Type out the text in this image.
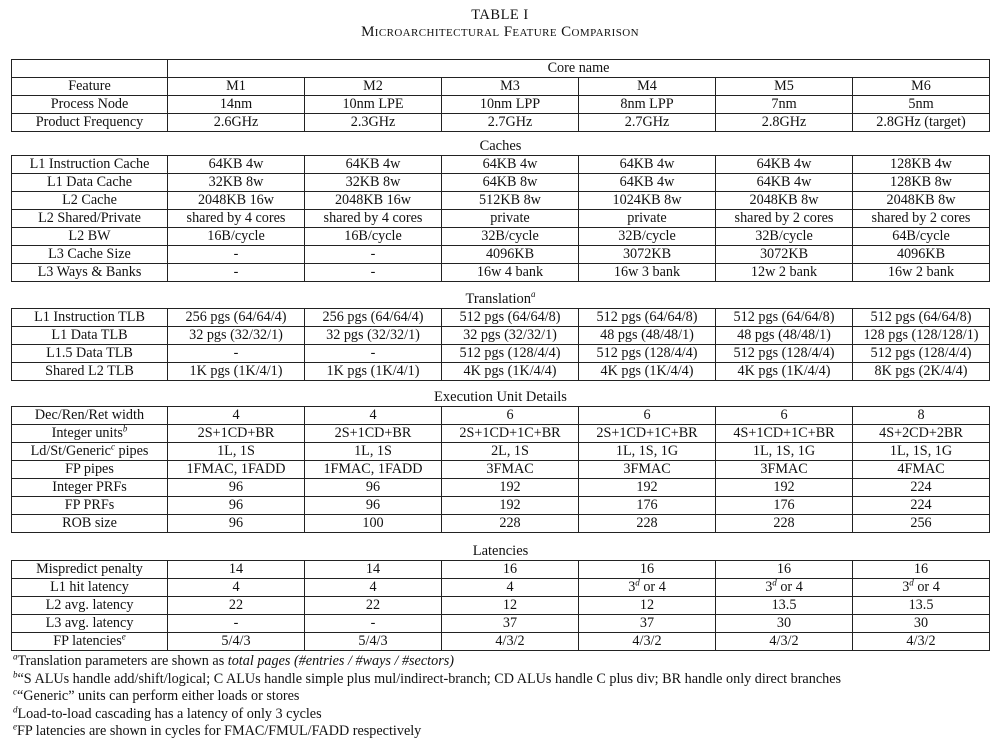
TABLE I
Microarchitectural Feature Comparison
	Core name					
Feature	M1	M2	M3	M4	M5	M6
Process Node	14nm	10nm LPE	10nm LPP	8nm LPP	7nm	5nm
Product Frequency	2.6GHz	2.3GHz	2.7GHz	2.7GHz	2.8GHz	2.8GHz (target)
Caches
L1 Instruction Cache	64KB 4w	64KB 4w	64KB 4w	64KB 4w	64KB 4w	128KB 4w
L1 Data Cache	32KB 8w	32KB 8w	64KB 8w	64KB 4w	64KB 4w	128KB 8w
L2 Cache	2048KB 16w	2048KB 16w	512KB 8w	1024KB 8w	2048KB 8w	2048KB 8w
L2 Shared/Private	shared by 4 cores	shared by 4 cores	private	private	shared by 2 cores	shared by 2 cores
L2 BW	16B/cycle	16B/cycle	32B/cycle	32B/cycle	32B/cycle	64B/cycle
L3 Cache Size	-	-	4096KB	3072KB	3072KB	4096KB
L3 Ways & Banks	-	-	16w 4 bank	16w 3 bank	12w 2 bank	16w 2 bank
Translation$^a$
L1 Instruction TLB	256 pgs (64/64/4)	256 pgs (64/64/4)	512 pgs (64/64/8)	512 pgs (64/64/8)	512 pgs (64/64/8)	512 pgs (64/64/8)
L1 Data TLB	32 pgs (32/32/1)	32 pgs (32/32/1)	32 pgs (32/32/1)	48 pgs (48/48/1)	48 pgs (48/48/1)	128 pgs (128/128/1)
L1.5 Data TLB	-	-	512 pgs (128/4/4)	512 pgs (128/4/4)	512 pgs (128/4/4)	512 pgs (128/4/4)
Shared L2 TLB	1K pgs (1K/4/1)	1K pgs (1K/4/1)	4K pgs (1K/4/4)	4K pgs (1K/4/4)	4K pgs (1K/4/4)	8K pgs (2K/4/4)
Execution Unit Details
Dec/Ren/Ret width	4	4	6	6	6	8
Integer units$^b$	2S+1CD+BR	2S+1CD+BR	2S+1CD+1C+BR	2S+1CD+1C+BR	4S+1CD+1C+BR	4S+2CD+2BR
Ld/St/Generic$^c$ pipes	1L, 1S	1L, 1S	2L, 1S	1L, 1S, 1G	1L, 1S, 1G	1L, 1S, 1G
FP pipes	1FMAC, 1FADD	1FMAC, 1FADD	3FMAC	3FMAC	3FMAC	4FMAC
Integer PRFs	96	96	192	192	192	224
FP PRFs	96	96	192	176	176	224
ROB size	96	100	228	228	228	256
Latencies
Mispredict penalty	14	14	16	16	16	16
L1 hit latency	4	4	4	3$^d$ or 4	3$^d$ or 4	3$^d$ or 4
L2 avg. latency	22	22	12	12	13.5	13.5
L3 avg. latency	-	-	37	37	30	30
FP latencies$^e$	5/4/3	5/4/3	4/3/2	4/3/2	4/3/2	4/3/2
$^a$Translation parameters are shown as total pages (#entries / #ways / #sectors)
$^b$“S ALUs handle add/shift/logical; C ALUs handle simple plus mul/indirect-branch; CD ALUs handle C plus div; BR handle only direct branches
$^c$“Generic” units can perform either loads or stores
$^d$Load-to-load cascading has a latency of only 3 cycles
$^e$FP latencies are shown in cycles for FMAC/FMUL/FADD respectively
